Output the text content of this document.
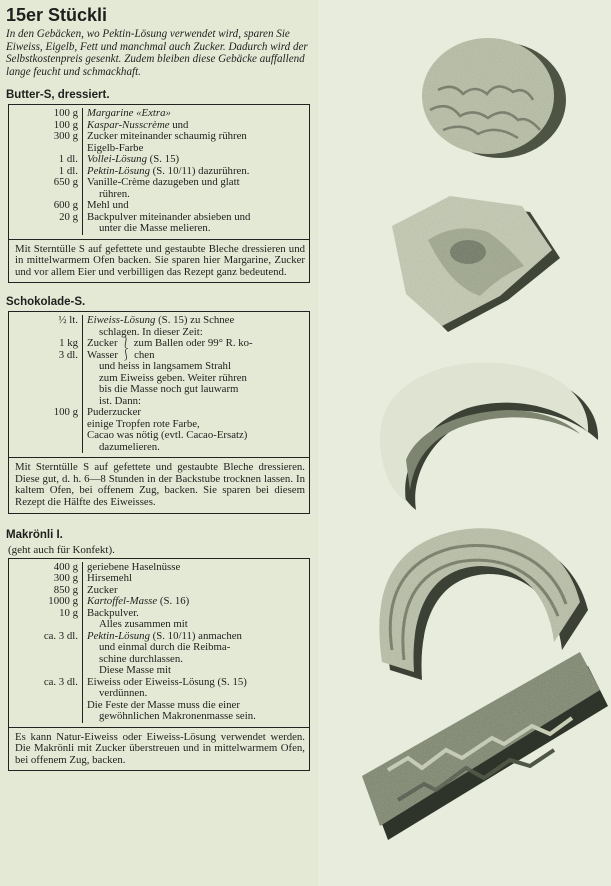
15er Stückli

In den Gebäcken, wo Pektin-Lösung verwendet wird, sparen Sie Eiweiss, Eigelb, Fett und manchmal auch Zucker. Dadurch wird der Selbstkostenpreis gesenkt. Zudem bleiben diese Gebäcke auffallend lange feucht und schmackhaft.

Butter-S, dressiert.
100 g
100 g
300 g

1 dl.
1 dl.
650 g

600 g
20 g

Margarine «Extra»
Kaspar-Nusscrème und
Zucker miteinander schaumig rühren
Eigelb-Farbe
Vollei-Lösung (S. 15)
Pektin-Lösung (S. 10/11) dazurühren.
Vanille-Crème dazugeben und glatt
rühren.
Mehl und
Backpulver miteinander absieben und
unter die Masse melieren.
Mit Sterntülle S auf gefettete und gestaubte Bleche dressieren und in mittelwarmem Ofen backen. Sie sparen hier Margarine, Zucker und vor allem Eier und verbilligen das Rezept ganz bedeutend.
Schokolade-S.
½ lt.

1 kg
3 dl.

100 g

Eiweiss-Lösung (S. 15) zu Schnee
schlagen. In dieser Zeit:
Zucker ⎱ zum Ballen oder 99° R. ko-
Wasser ⎰ chen
und heiss in langsamem Strahl
zum Eiweiss geben. Weiter rühren
bis die Masse noch gut lauwarm
ist. Dann:
Puderzucker
einige Tropfen rote Farbe,
Cacao was nötig (evtl. Cacao-Ersatz)
dazumelieren.
Mit Sterntülle S auf gefettete und gestaubte Bleche dressieren. Diese gut, d. h. 6—8 Stunden in der Backstube trocknen lassen. In kaltem Ofen, bei offenem Zug, backen. Sie sparen bei diesem Rezept die Hälfte des Eiweisses.
Makrönli I.
(geht auch für Konfekt).
400 g
300 g
850 g
1000 g
10 g

ca. 3 dl.

ca. 3 dl.

geriebene Haselnüsse
Hirsemehl
Zucker
Kartoffel-Masse (S. 16)
Backpulver.
Alles zusammen mit
Pektin-Lösung (S. 10/11) anmachen
und einmal durch die Reibma-
schine durchlassen.
Diese Masse mit
Eiweiss oder Eiweiss-Lösung (S. 15)
verdünnen.
Die Feste der Masse muss die einer
gewöhnlichen Makronenmasse sein.
Es kann Natur-Eiweiss oder Eiweiss-Lösung verwendet werden. Die Makrönli mit Zucker überstreuen und in mittelwarmem Ofen, bei offenem Zug, backen.
